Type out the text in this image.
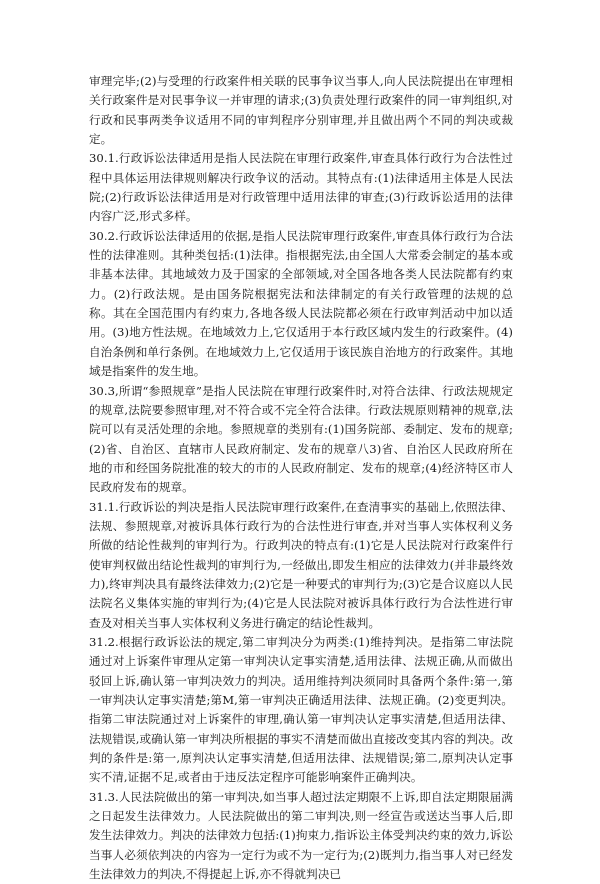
审理完毕;(2)与受理的行政案件相关联的民事争议当事人,向人民法院提出在审理相关行政案件是对民事争议一并审理的请求;(3)负责处理行政案件的同一审判组织,对行政和民事两类争议适用不同的审判程序分别审理,并且做出两个不同的判决或裁定。

30.1.行政诉讼法律适用是指人民法院在审理行政案件,审查具体行政行为合法性过程中具体运用法律规则解决行政争议的活动。其特点有:(1)法律适用主体是人民法院;(2)行政诉讼法律适用是对行政管理中适用法律的审查;(3)行政诉讼适用的法律内容广泛,形式多样。

30.2.行政诉讼法律适用的依据,是指人民法院审理行政案件,审查具体行政行为合法性的法律准则。其种类包括:(1)法律。指根据宪法,由全国人大常委会制定的基本或非基本法律。其地域效力及于国家的全部领域,对全国各地各类人民法院都有约束力。(2)行政法规。是由国务院根据宪法和法律制定的有关行政管理的法规的总称。其在全国范围内有约束力,各地各级人民法院都必须在行政审判活动中加以适用。(3)地方性法规。在地域效力上,它仅适用于本行政区域内发生的行政案件。(4)自治条例和单行条例。在地域效力上,它仅适用于该民族自治地方的行政案件。其地域是指案件的发生地。

30.3,所谓“参照规章”是指人民法院在审理行政案件时,对符合法律、行政法规规定的规章,法院要参照审理,对不符合或不完全符合法律。行政法规原则精神的规章,法院可以有灵活处理的余地。参照规章的类别有:(1)国务院部、委制定、发布的规章;(2)省、自治区、直辖市人民政府制定、发布的规章八3)省、自治区人民政府所在地的市和经国务院批准的较大的市的人民政府制定、发布的规章;(4)经济特区市人民政府发布的规章。

31.1.行政诉讼的判决是指人民法院审理行政案件,在查清事实的基础上,依照法律、法规、参照规章,对被诉具体行政行为的合法性进行审查,并对当事人实体权利义务所做的结论性裁判的审判行为。行政判决的特点有:(1)它是人民法院对行政案件行使审判权做出结论性裁判的审判行为,一经做出,即发生相应的法律效力(并非最终效力),终审判决具有最终法律效力;(2)它是一种要式的审判行为;(3)它是合议庭以人民法院名义集体实施的审判行为;(4)它是人民法院对被诉具体行政行为合法性进行审查及对相关当事人实体权利义务进行确定的结论性裁判。

31.2.根据行政诉讼法的规定,第二审判决分为两类:(1)维持判决。是指第二审法院通过对上诉案件审理从定第一审判决认定事实清楚,适用法律、法规正确,从而做出驳回上诉,确认第一审判决效力的判决。适用维持判决须同时具备两个条件:第一,第一审判决认定事实清楚;第M,第一审判决正确适用法律、法规正确。(2)变更判决。指第二审法院通过对上诉案件的审理,确认第一审判决认定事实清楚,但适用法律、法规错误,或确认第一审判决所根据的事实不清楚而做出直接改变其内容的判决。改判的条件是:第一,原判决认定事实清楚,但适用法律、法规错误;第二,原判决认定事实不清,证据不足,或者由于违反法定程序可能影响案件正确判决。

31.3.人民法院做出的第一审判决,如当事人超过法定期限不上诉,即自法定期限届满之日起发生法律效力。人民法院做出的第二审判决,则一经宣告或送达当事人后,即发生法律效力。判决的法律效力包括:(1)拘束力,指诉讼主体受判决约束的效力,诉讼当事人必须依判决的内容为一定行为或不为一定行为;(2)既判力,指当事人对已经发生法律效力的判决,不得提起上诉,亦不得就判决已
